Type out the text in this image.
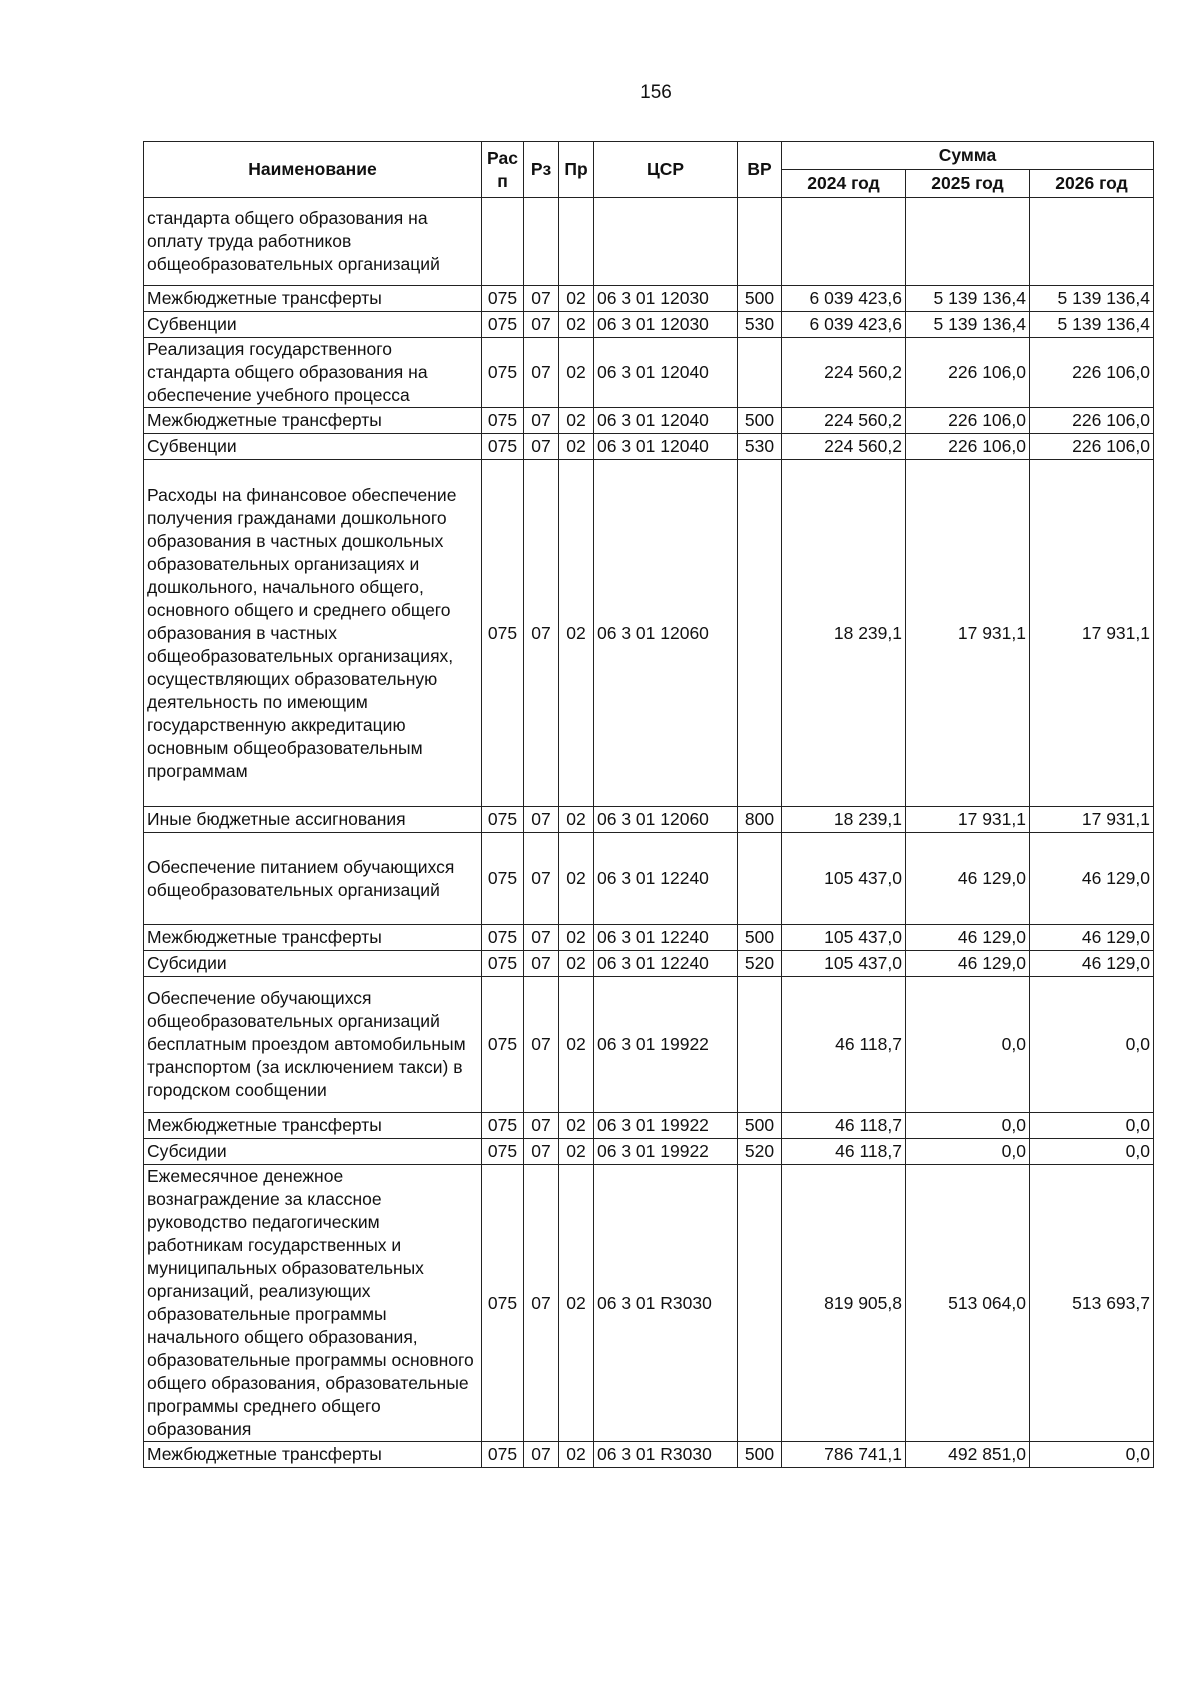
156
Наименование	Рас п	Рз	Пр	ЦСР	ВР	Сумма		
						2024 год	2025 год	2026 год
стандарта общего образования на оплату труда работников общеобразовательных организаций								
Межбюджетные трансферты	075	07	02	06 3 01 12030	500	6 039 423,6	5 139 136,4	5 139 136,4
Субвенции	075	07	02	06 3 01 12030	530	6 039 423,6	5 139 136,4	5 139 136,4
Реализация государственного стандарта общего образования на обеспечение учебного процесса	075	07	02	06 3 01 12040		224 560,2	226 106,0	226 106,0
Межбюджетные трансферты	075	07	02	06 3 01 12040	500	224 560,2	226 106,0	226 106,0
Субвенции	075	07	02	06 3 01 12040	530	224 560,2	226 106,0	226 106,0
Расходы на финансовое обеспечение получения гражданами дошкольного образования в частных дошкольных образовательных организациях и дошкольного, начального общего, основного общего и среднего общего образования в частных общеобразовательных организациях, осуществляющих образовательную деятельность по имеющим государственную аккредитацию основным общеобразовательным программам	075	07	02	06 3 01 12060		18 239,1	17 931,1	17 931,1
Иные бюджетные ассигнования	075	07	02	06 3 01 12060	800	18 239,1	17 931,1	17 931,1
Обеспечение питанием обучающихся общеобразовательных организаций	075	07	02	06 3 01 12240		105 437,0	46 129,0	46 129,0
Межбюджетные трансферты	075	07	02	06 3 01 12240	500	105 437,0	46 129,0	46 129,0
Субсидии	075	07	02	06 3 01 12240	520	105 437,0	46 129,0	46 129,0
Обеспечение обучающихся общеобразовательных организаций бесплатным проездом автомобильным транспортом (за исключением такси) в городском сообщении	075	07	02	06 3 01 19922		46 118,7	0,0	0,0
Межбюджетные трансферты	075	07	02	06 3 01 19922	500	46 118,7	0,0	0,0
Субсидии	075	07	02	06 3 01 19922	520	46 118,7	0,0	0,0
Ежемесячное денежное вознаграждение за классное руководство педагогическим работникам государственных и муниципальных образовательных организаций, реализующих образовательные программы начального общего образования, образовательные программы основного общего образования, образовательные программы среднего общего образования	075	07	02	06 3 01 R3030		819 905,8	513 064,0	513 693,7
Межбюджетные трансферты	075	07	02	06 3 01 R3030	500	786 741,1	492 851,0	0,0
